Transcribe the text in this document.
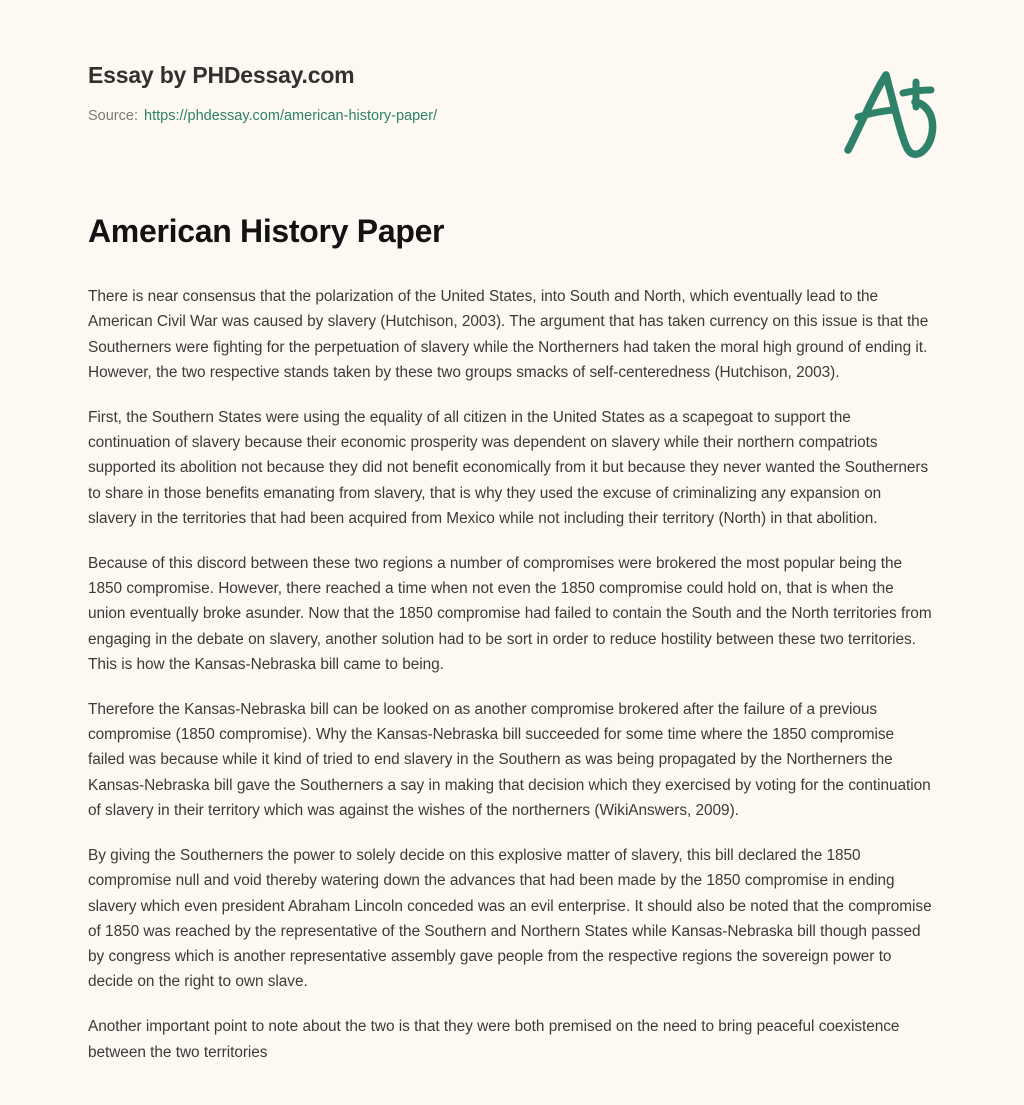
Essay by PHDessay.com
Source: https://phdessay.com/american-history-paper/
American History Paper

There is near consensus that the polarization of the United States, into South and North, which eventually lead to the American Civil War was caused by slavery (Hutchison, 2003). The argument that has taken currency on this issue is that the Southerners were fighting for the perpetuation of slavery while the Northerners had taken the moral high ground of ending it. However, the two respective stands taken by these two groups smacks of self-centeredness (Hutchison, 2003).

First, the Southern States were using the equality of all citizen in the United States as a scapegoat to support the continuation of slavery because their economic prosperity was dependent on slavery while their northern compatriots supported its abolition not because they did not benefit economically from it but because they never wanted the Southerners to share in those benefits emanating from slavery, that is why they used the excuse of criminalizing any expansion on slavery in the territories that had been acquired from Mexico while not including their territory (North) in that abolition.

Because of this discord between these two regions a number of compromises were brokered the most popular being the 1850 compromise. However, there reached a time when not even the 1850 compromise could hold on, that is when the union eventually broke asunder. Now that the 1850 compromise had failed to contain the South and the North territories from engaging in the debate on slavery, another solution had to be sort in order to reduce hostility between these two territories. This is how the Kansas-Nebraska bill came to being.

Therefore the Kansas-Nebraska bill can be looked on as another compromise brokered after the failure of a previous compromise (1850 compromise). Why the Kansas-Nebraska bill succeeded for some time where the 1850 compromise failed was because while it kind of tried to end slavery in the Southern as was being propagated by the Northerners the Kansas-Nebraska bill gave the Southerners a say in making that decision which they exercised by voting for the continuation of slavery in their territory which was against the wishes of the northerners (WikiAnswers, 2009).

By giving the Southerners the power to solely decide on this explosive matter of slavery, this bill declared the 1850 compromise null and void thereby watering down the advances that had been made by the 1850 compromise in ending slavery which even president Abraham Lincoln conceded was an evil enterprise. It should also be noted that the compromise of 1850 was reached by the representative of the Southern and Northern States while Kansas-Nebraska bill though passed by congress which is another representative assembly gave people from the respective regions the sovereign power to decide on the right to own slave.

Another important point to note about the two is that they were both premised on the need to bring peaceful coexistence between the two territories
